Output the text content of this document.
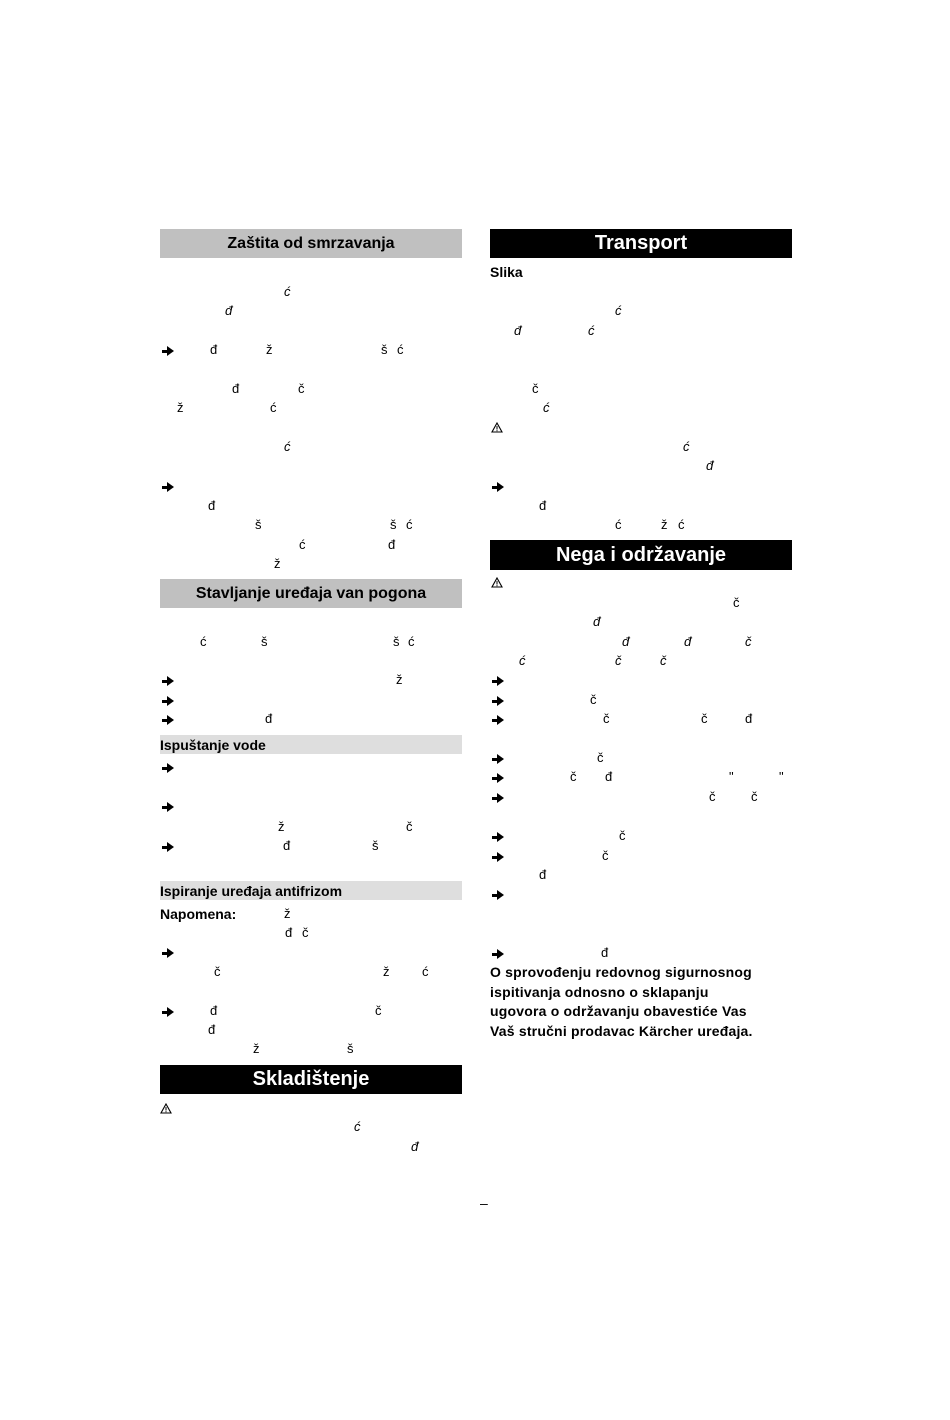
Zaštita od smrzavanja
ć
đ
đ	ž	š ć
đ	č
ž	ć
ć
đ
š	š ć
ć	đ
ž
Stavljanje uređaja van pogona
ć	š	š ć
ž
đ
Ispuštanje vode
ž	č
đ	š
Ispiranje uređaja antifrizom
Napomena:	ž
đ č
č	ž	ć
đ	č
đ
ž	š
Skladištenje
ć
đ
Transport
Slika
ć
đ	ć
č
ć
ć
đ
đ
ć	ž ć
Nega i održavanje
č
đ
đ	đ	č
ć	č	č
č
č	č	đ
č
č đ	"	"
č	č
č
č
đ
đ
O sprovođenju redovnog sigurnosnog
ispitivanja odnosno o sklapanju
ugovora o održavanju obavestiće Vas
Vaš stručni prodavac Kärcher uređaja.
–
